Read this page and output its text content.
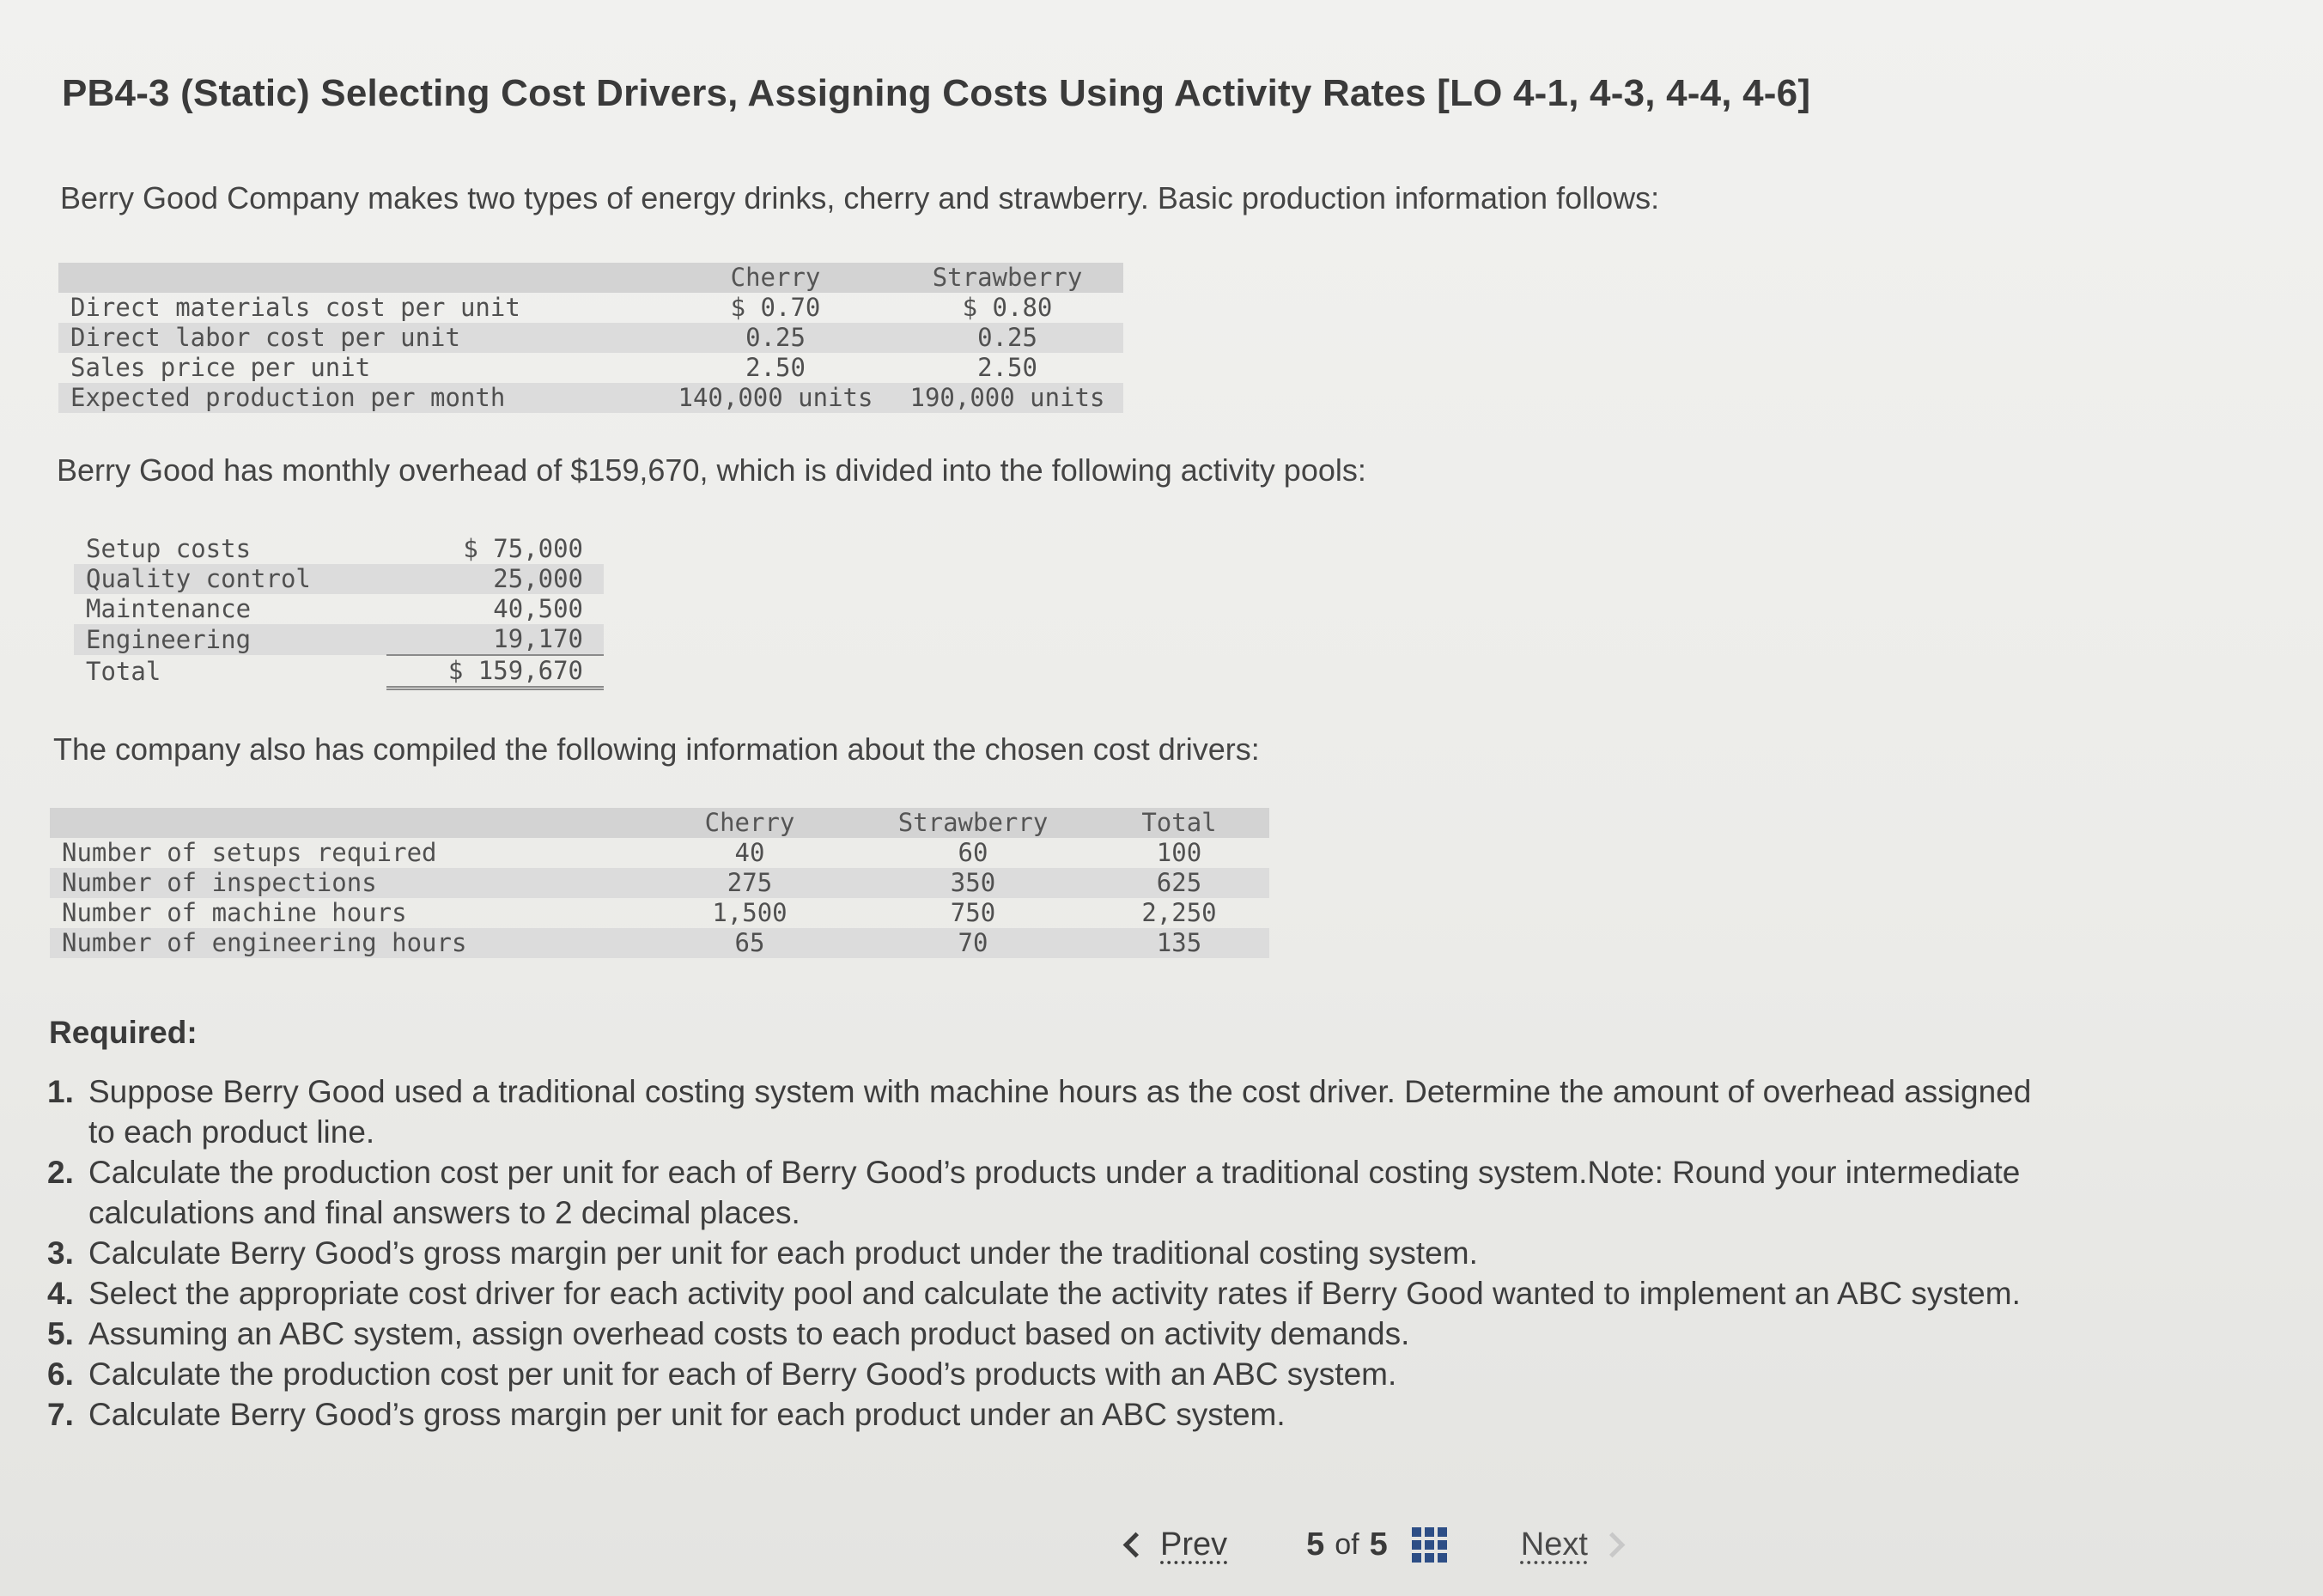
PB4-3 (Static) Selecting Cost Drivers, Assigning Costs Using Activity Rates [LO 4-1, 4-3, 4-4, 4-6]
Berry Good Company makes two types of energy drinks, cherry and strawberry. Basic production information follows:
	Cherry	Strawberry
Direct materials cost per unit	$ 0.70	$ 0.80
Direct labor cost per unit	0.25	0.25
Sales price per unit	2.50	2.50
Expected production per month	140,000 units	190,000 units
Berry Good has monthly overhead of $159,670, which is divided into the following activity pools:
Setup costs	$ 75,000
Quality control	25,000
Maintenance	40,500
Engineering	19,170
Total	$ 159,670
The company also has compiled the following information about the chosen cost drivers:
	Cherry	Strawberry	Total
Number of setups required	40	60	100
Number of inspections	275	350	625
Number of machine hours	1,500	750	2,250
Number of engineering hours	65	70	135
Required:
1. Suppose Berry Good used a traditional costing system with machine hours as the cost driver. Determine the amount of overhead assigned to each product line.
2. Calculate the production cost per unit for each of Berry Good’s products under a traditional costing system.Note: Round your intermediate calculations and final answers to 2 decimal places.
3. Calculate Berry Good’s gross margin per unit for each product under the traditional costing system.
4. Select the appropriate cost driver for each activity pool and calculate the activity rates if Berry Good wanted to implement an ABC system.
5. Assuming an ABC system, assign overhead costs to each product based on activity demands.
6. Calculate the production cost per unit for each of Berry Good’s products with an ABC system.
7. Calculate Berry Good’s gross margin per unit for each product under an ABC system.
Prev 5 of 5	Next
